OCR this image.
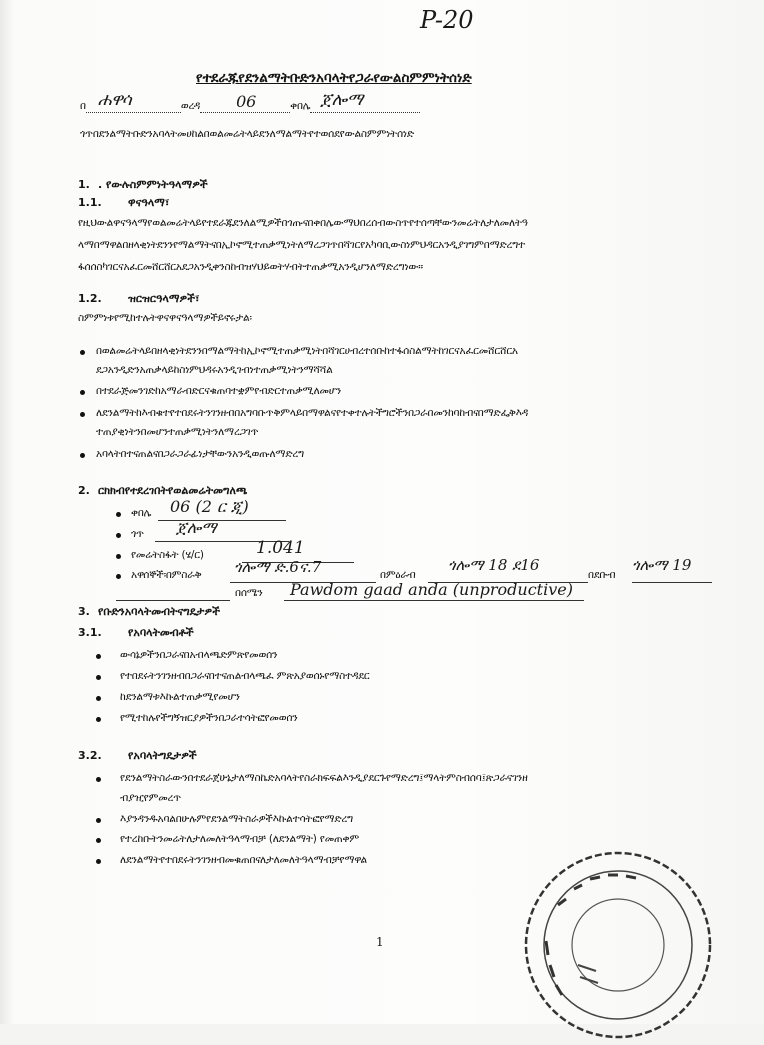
P-20
የተደራጁየደንልማትቡድንአባላትየጋራየውልስምምነትሰነድ
በ ሐዋሳ	ወረዳ 06	ቀበሌ ጀሎማ
ጎጥበደንልማትቡድንአባላትመሀከልበወልመሬትላይደንለማልማትየተወሰደየውልስምምነትሰነድ
1. . የውሉስምምነትዓላማዎች
1.1. ዋናዓላማ፣
የዚህውልዋናዓላማየወልመሬትላይየተደራጁደንለልሚዎችበጎጡናበቀበሌውማህበረሰብውስጥየተሰጣቸውንመሬትለታለመለትዓ
ላማበማዋልበዘላቂነትደንንየማልማትናበኢኮኖሚተጠቃሚነትለማረጋገጥበሻገርየአካባቢውስነምህዳርአንዲያገግምበማድረግተ
ፋሰሰስካገርናአፈርመሸርሸርአደጋአንዲቀንስከብዝሃህይወትሃብትተጠቃሚአንዲሆንለማድረግነው።
1.2. ዝርዝርዓላማዎች፣
ስምምነቱየሚከተሉትዋናዋናዓላማዎችይኖሩታል፡
በወልመሬትላይበዘላቂነትደንንበማልማትከኢኮኖሚተጠቃሚነትበሻገርሀብረተሰቡከተፋሰስልማትከገርናአፈርመሸርሸርአ
ደጋአንዲድንአጠቃላይከስነምህዳሩአንዲገብነተጠቃሚነትንማሻሻል
በተደራጅመንገድከአማራብድርናቁጠባተቋምየብድርተጠቃሚለመሆን
ለደንልማትከእብቁተየተበደሩትንገንዘብበአግባቡጥቅምላይበማዋልናየተቀተሉትችግሮችንበጋራበመንከባከብናበማድፌቅእዳ
ተጠያቂነትንበመሆንተጠቃሚነትንለማረጋገጥ
አባላትበተናጠልናበጋራጋራፊነታቸውንአንዲወጡለማድረግ
2. ርክክብየተደረገበትየወልመሬትመግለጫ
ቀበሌ 06 (2 ር ጂ)
ጎጥ ጀሎማ
የመሬትስፋት (ሄ/ር)	1.041
አዋሰኞች፡በምስራቅ ጎሎማ ድ.6ና.7	በምዕራብ
ጎሎማ 18 ደ16
በደቡብ
ጎሎማ 19
በሰሜን Pawdom gaad anda (unproductive)
3. የቡድንአባላትመብትናግዴታዎች
3.1. የአባላትመብቶች
ውሳኔዎችንበጋራናበአብላጫድምጽየመወሰን
የተበደሩትንገንዘብበጋራናበተናጠልብላጫፈ ምጽአያወሰኑየማስተዳደር
ከደንልማቱእኩልተጠቃሚየመሆን
የሚተከሉየችግኝዝርያዎችንበጋራተሳትፎየመወሰን
3.2. የአባላትግዴታዎች
የደንልማትስራውንበተደራጀሁኔታለማስኬድአባላትየስራክፍፍልእንዲያደርጉየማድረግ፤ማላትምስብሰባ፤ጽጋራናገንዘ
ብያዢየምመረጥ
እያንዳንዱአባልበሁሉምየደንልማትስራዎችእኩልተሳትፎየማድረግ
የተረከቡትንመሬትለታለመለትዓላማብቻ (ለደንልማት) የመጠቀም
ለደንልማትየተበደሩትንገንዘብመቁጠበናለታለመለትዓላማብቻየማዋል
1
